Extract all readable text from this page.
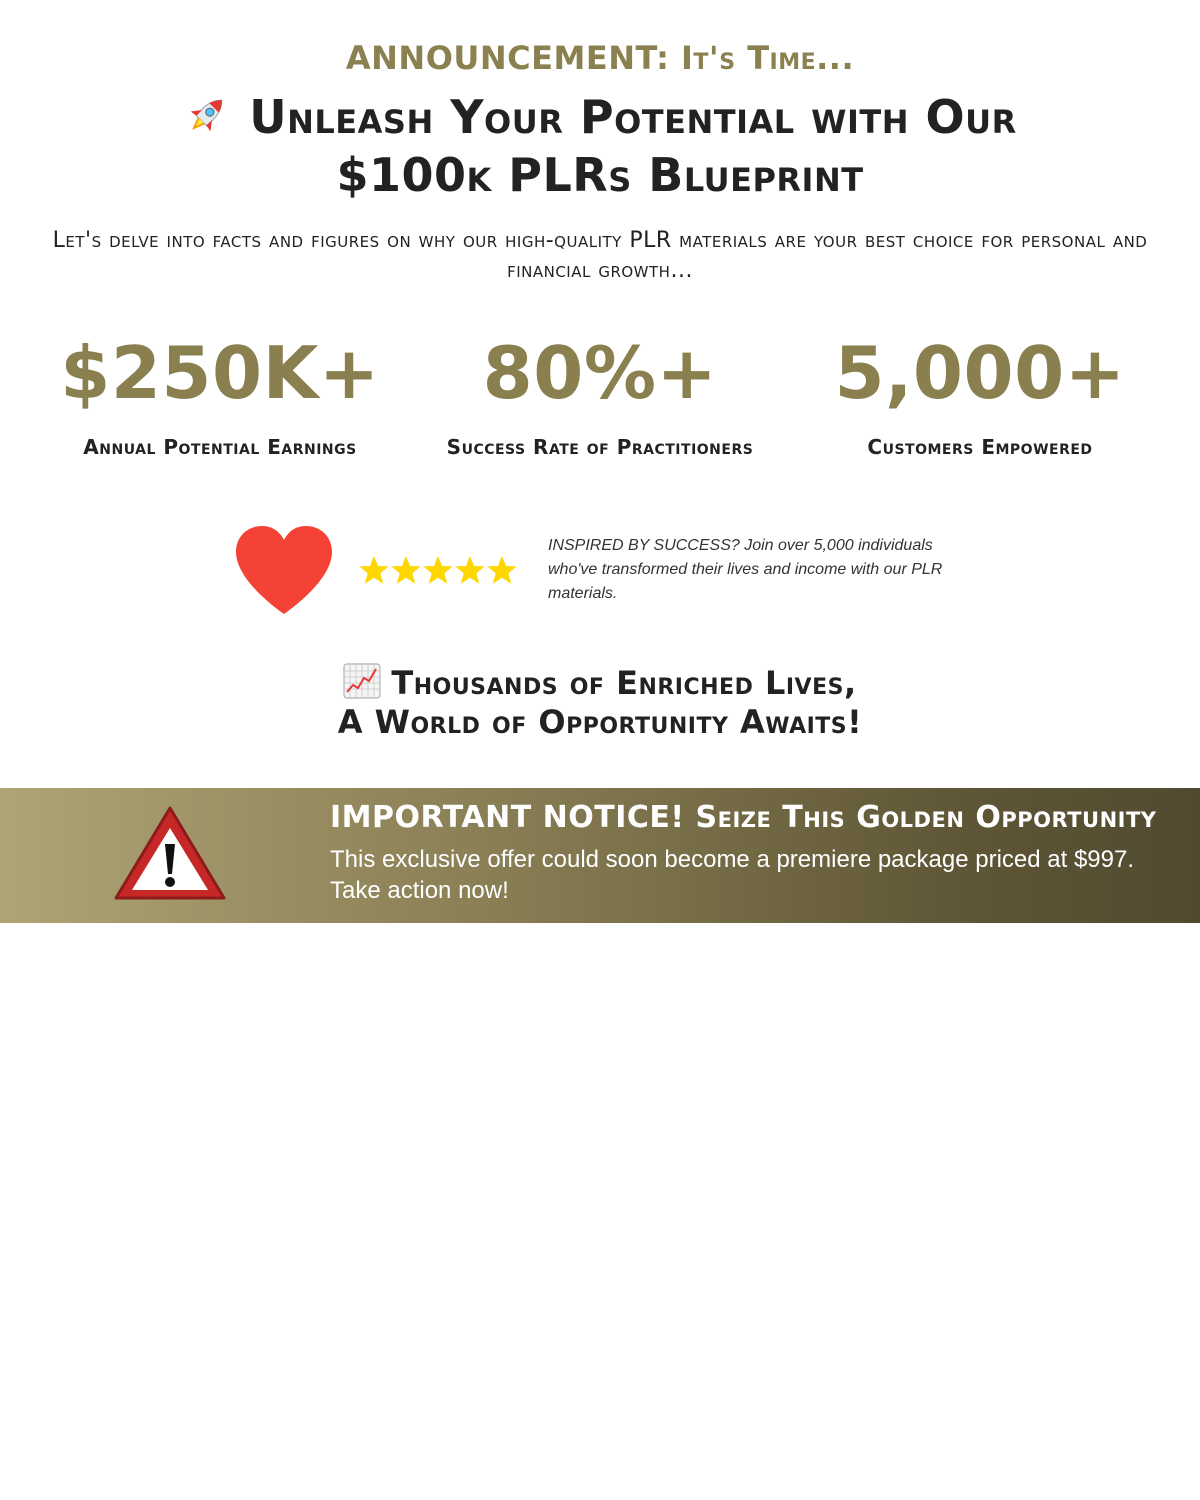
ANNOUNCEMENT: It's Time...
Unleash Your Potential with Our
$100k PLRs Blueprint
Let's delve into facts and figures on why our high-quality PLR materials are your best choice for personal and financial growth...
$250K+
Annual Potential Earnings
80%+
Success Rate of Practitioners
5,000+
Customers Empowered
INSPIRED BY SUCCESS? Join over 5,000 individuals who've transformed their lives and income with our PLR materials.
Thousands of Enriched Lives,
A World of Opportunity Awaits!
IMPORTANT NOTICE! Seize This Golden Opportunity
This exclusive offer could soon become a premiere package priced at $997. Take action now!
